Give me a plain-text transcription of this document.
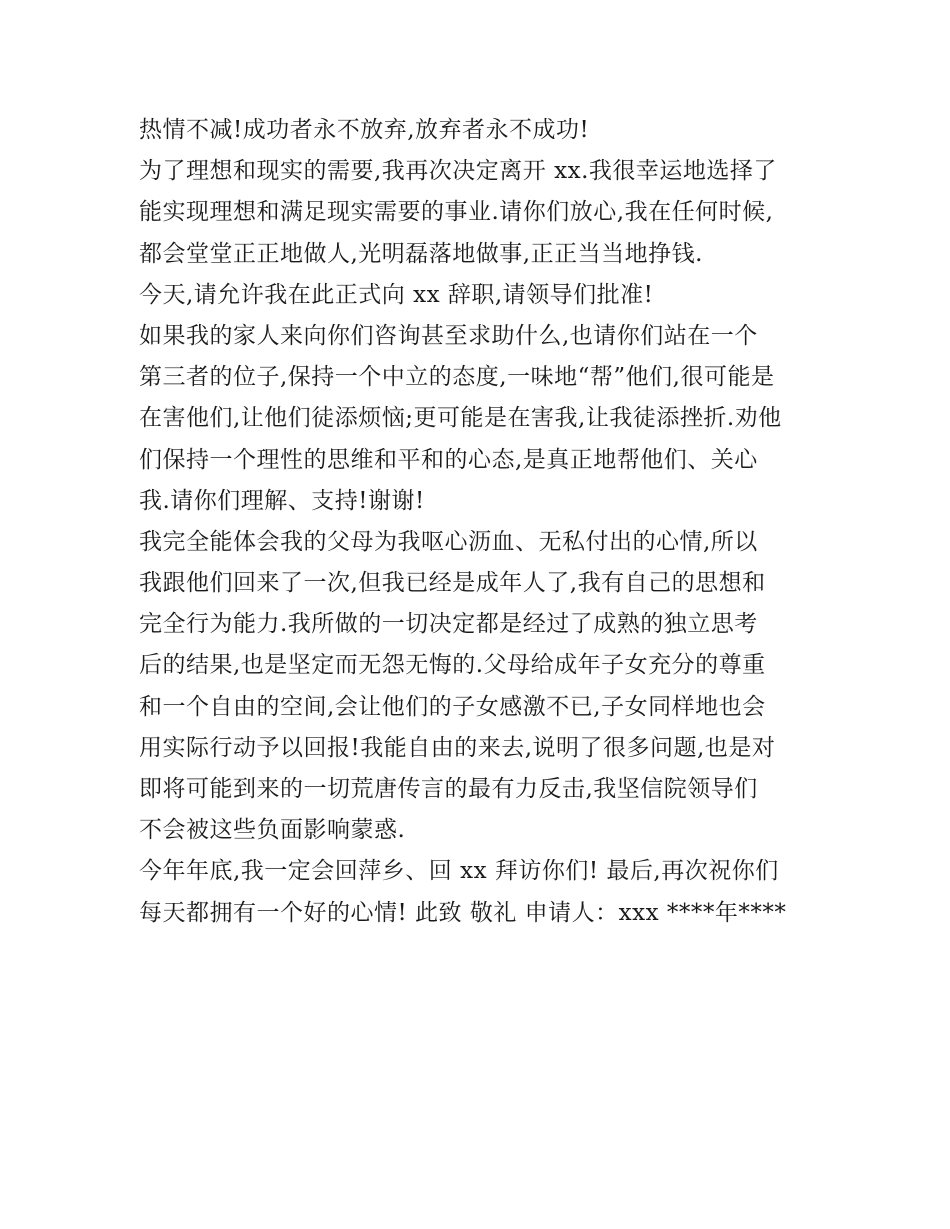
热情不减!成功者永不放弃,放弃者永不成功!
为了理想和现实的需要,我再次决定离开 xx.我很幸运地选择了
能实现理想和满足现实需要的事业.请你们放心,我在任何时候,
都会堂堂正正地做人,光明磊落地做事,正正当当地挣钱.
今天,请允许我在此正式向 xx 辞职,请领导们批准!
如果我的家人来向你们咨询甚至求助什么,也请你们站在一个
第三者的位子,保持一个中立的态度,一味地“帮”他们,很可能是
在害他们,让他们徒添烦恼;更可能是在害我,让我徒添挫折.劝他
们保持一个理性的思维和平和的心态,是真正地帮他们、关心
我.请你们理解、支持!谢谢!
我完全能体会我的父母为我呕心沥血、无私付出的心情,所以
我跟他们回来了一次,但我已经是成年人了,我有自己的思想和
完全行为能力.我所做的一切决定都是经过了成熟的独立思考
后的结果,也是坚定而无怨无悔的.父母给成年子女充分的尊重
和一个自由的空间,会让他们的子女感激不已,子女同样地也会
用实际行动予以回报!我能自由的来去,说明了很多问题,也是对
即将可能到来的一切荒唐传言的最有力反击,我坚信院领导们
不会被这些负面影响蒙惑.
今年年底,我一定会回萍乡、回 xx 拜访你们! 最后,再次祝你们
每天都拥有一个好的心情! 此致 敬礼 申请人：xxx ****年****
